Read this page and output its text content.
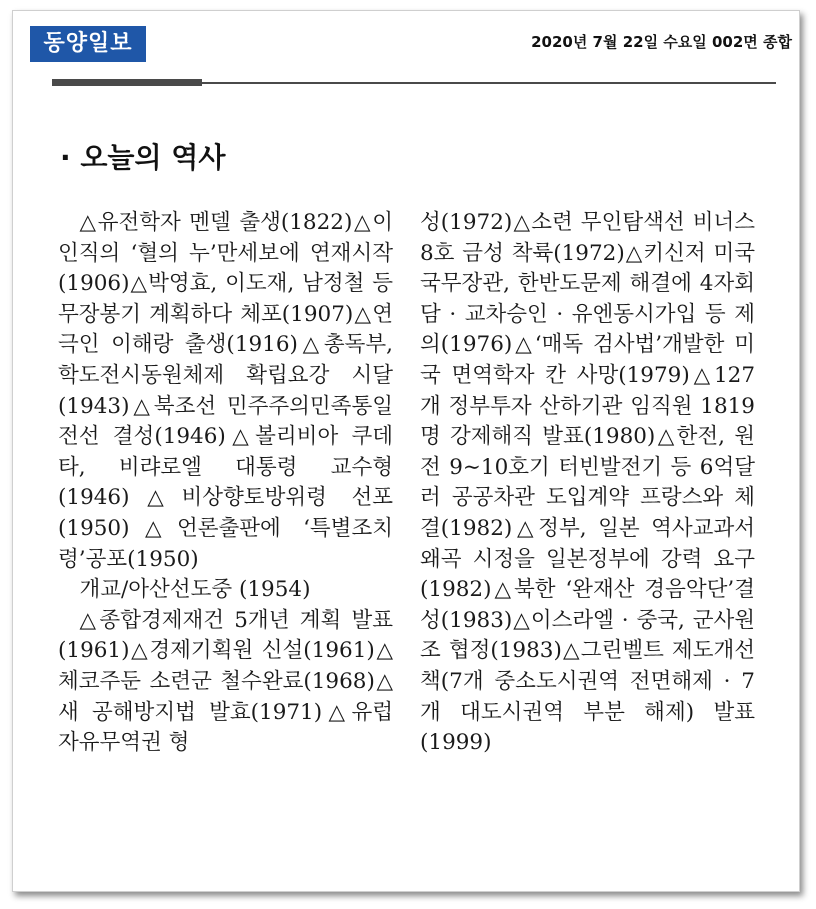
동양일보	2020년 7월 22일 수요일 002면 종합
· 오늘의 역사

△유전학자 멘델 출생(1822)△이인직의 ‘혈의 누’만세보에 연재시작(1906)△박영효, 이도재, 남정철 등 무장봉기 계획하다 체포(1907)△연극인 이해랑 출생(1916)△총독부, 학도전시동원체제 확립요강 시달(1943)△북조선 민주주의민족통일전선 결성(1946)△볼리비아 쿠데타, 비랴로엘 대통령 교수형(1946)△비상향토방위령 선포(1950)△언론출판에 ‘특별조치령’공포(1950)

개교/아산선도중 (1954)

△종합경제재건 5개년 계획 발표(1961)△경제기획원 신설(1961)△체코주둔 소련군 철수완료(1968)△새 공해방지법 발효(1971)△유럽 자유무역권 형

성(1972)△소련 무인탐색선 비너스8호 금성 착륙(1972)△키신저 미국 국무장관, 한반도문제 해결에 4자회담 · 교차승인 · 유엔동시가입 등 제의(1976)△‘매독 검사법’개발한 미국 면역학자 칸 사망(1979)△127개 정부투자 산하기관 임직원 1819명 강제해직 발표(1980)△한전, 원전 9∼10호기 터빈발전기 등 6억달러 공공차관 도입계약 프랑스와 체결(1982)△정부, 일본 역사교과서 왜곡 시정을 일본정부에 강력 요구(1982)△북한 ‘완재산 경음악단’결성(1983)△이스라엘 · 중국, 군사원조 협정(1983)△그린벨트 제도개선책(7개 중소도시권역 전면해제 · 7개 대도시권역 부분 해제) 발표(1999)
